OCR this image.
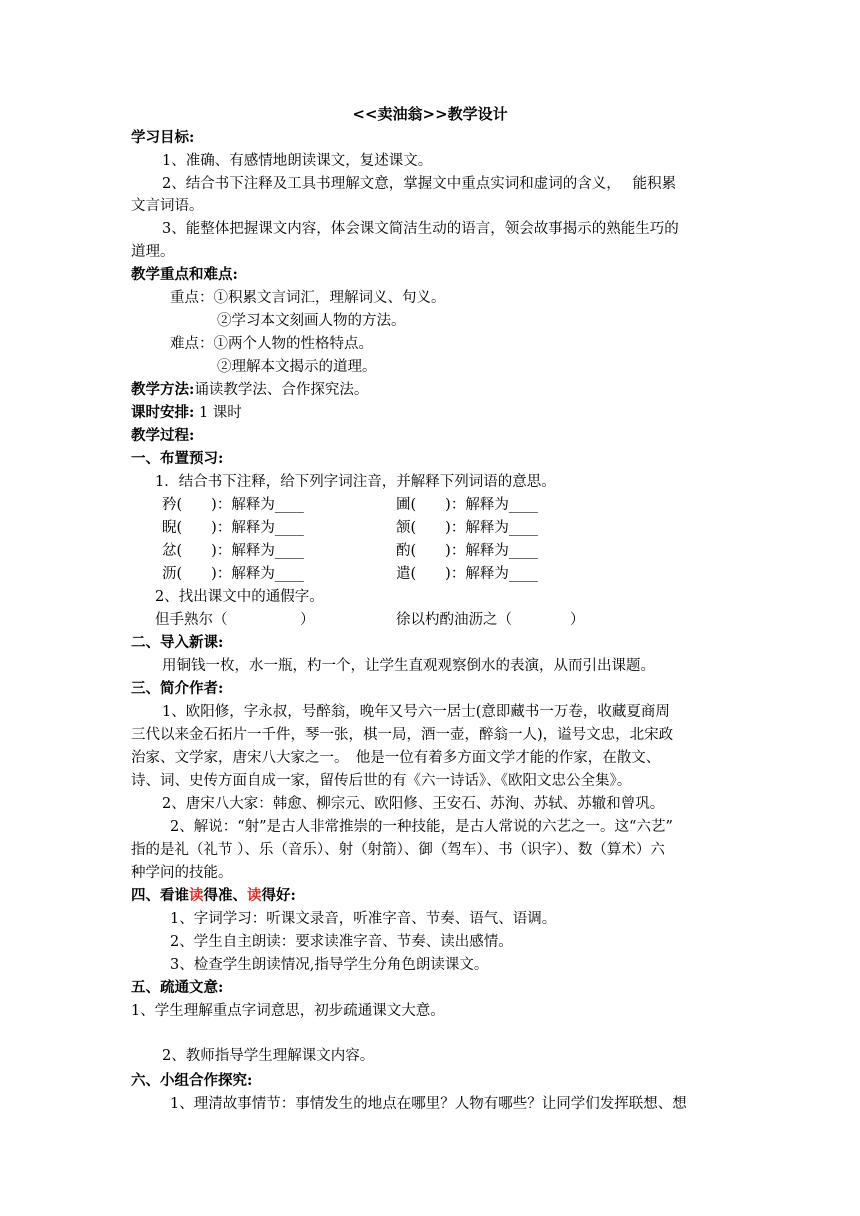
<<卖油翁>>教学设计
学习目标:
1、准确、有感情地朗读课文，复述课文。
2、结合书下注释及工具书理解文意，掌握文中重点实词和虚词的含义，　 能积累
文言词语。
3、能整体把握课文内容，体会课文简洁生动的语言，领会故事揭示的熟能生巧的
道理。
教学重点和难点:
重点：①积累文言词汇，理解词义、句义。
②学习本文刻画人物的方法。
难点：①两个人物的性格特点。
②理解本文揭示的道理。
教学方法:诵读教学法、合作探究法。
课时安排: 1 课时
教学过程:
一、布置预习:
1．结合书下注释，给下列字词注音，并解释下列词语的意思。
矜(　　)：解释为____	圃(　　)：解释为____
睨(　　)：解释为____	颔(　　)：解释为____
忿(　　)：解释为____	酌(　　)：解释为____
沥(　　)：解释为____	遣(　　)：解释为____
2、找出课文中的通假字。
但手熟尔（　　　　　）	徐以杓酌油沥之（　　　　）
二、导入新课:
用铜钱一枚，水一瓶，杓一个，让学生直观观察倒水的表演，从而引出课题。
三、简介作者:
1、欧阳修，字永叔，号醉翁，晚年又号六一居士(意即藏书一万卷，收藏夏商周
三代以来金石拓片一千件，琴一张，棋一局，酒一壶，醉翁一人)，谥号文忠，北宋政
治家、文学家，唐宋八大家之一。　他是一位有着多方面文学才能的作家，在散文、
诗、词、史传方面自成一家，留传后世的有《六一诗话》、《欧阳文忠公全集》。
2、唐宋八大家：韩愈、柳宗元、欧阳修、王安石、苏洵、苏轼、苏辙和曾巩。
2、解说：“射”是古人非常推崇的一种技能，是古人常说的六艺之一。这“六艺”
指的是礼（礼节 ）、乐（音乐）、射（射箭）、御（驾车）、书（识字）、数（算术）六
种学问的技能。
四、看谁读得准、读得好:
1、字词学习：听课文录音，听准字音、节奏、语气、语调。
2、学生自主朗读：要求读准字音、节奏、读出感情。
3、检查学生朗读情况,指导学生分角色朗读课文。
五、疏通文意:
1、学生理解重点字词意思，初步疏通课文大意。
2、教师指导学生理解课文内容。
六、小组合作探究:
1、理清故事情节：事情发生的地点在哪里？人物有哪些？让同学们发挥联想、想
